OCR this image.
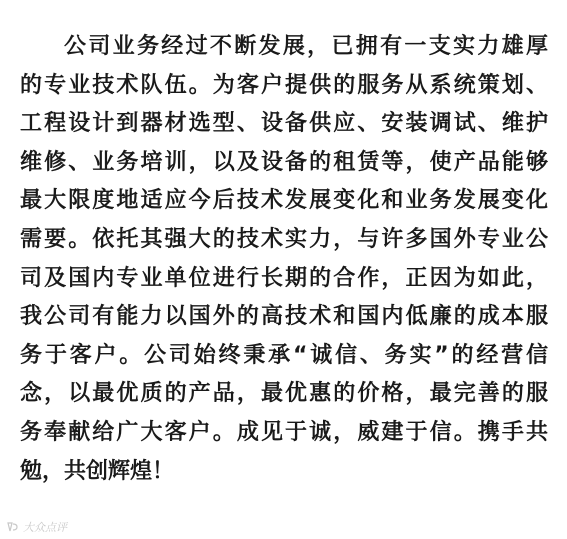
公司业务经过不断发展，已拥有一支实力雄厚
的专业技术队伍。为客户提供的服务从系统策划、
工程设计到器材选型、设备供应、安装调试、维护
维修、业务培训，以及设备的租赁等，使产品能够
最大限度地适应今后技术发展变化和业务发展变化
需要。依托其强大的技术实力，与许多国外专业公
司及国内专业单位进行长期的合作，正因为如此，
我公司有能力以国外的高技术和国内低廉的成本服
务于客户。公司始终秉承“诚信、务实”的经营信
念，以最优质的产品，最优惠的价格，最完善的服
务奉献给广大客户。成见于诚，威建于信。携手共
勉，共创辉煌！
大众点评
